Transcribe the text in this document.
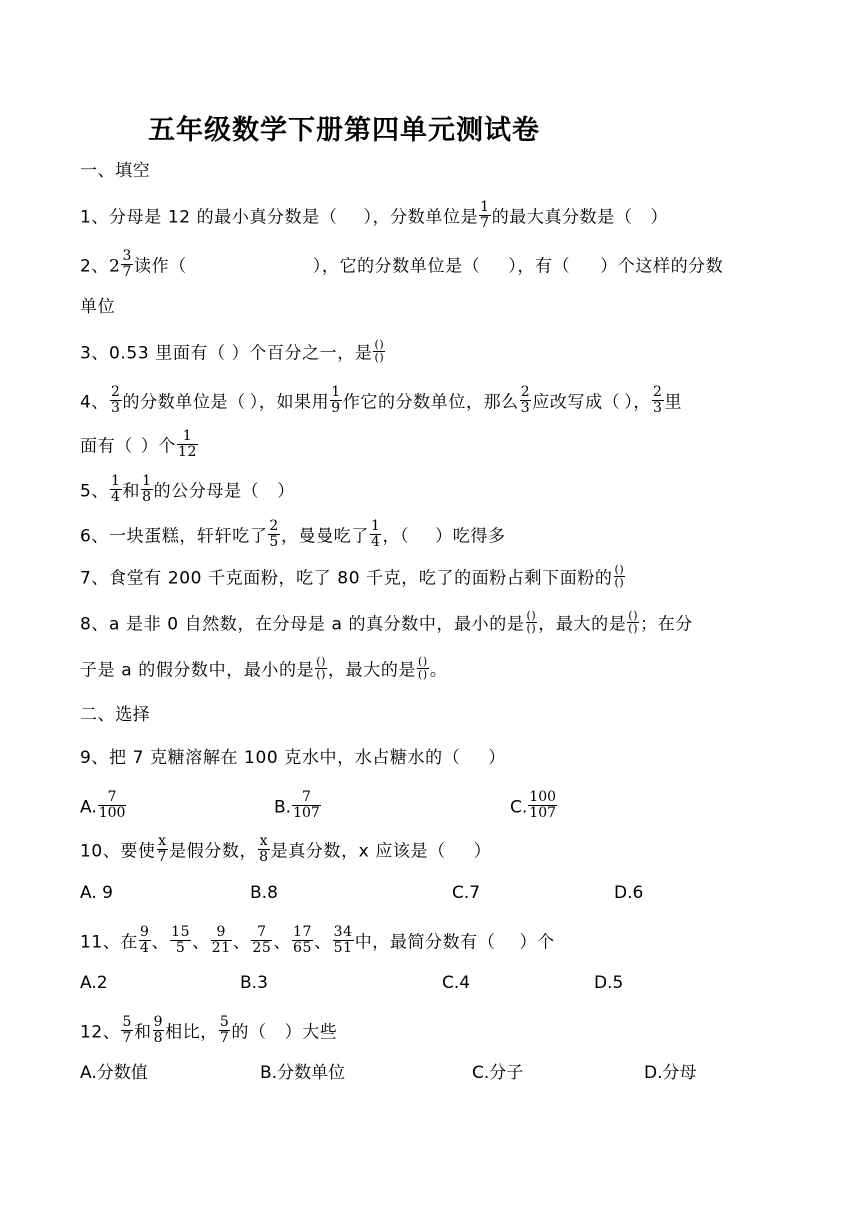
五年级数学下册第四单元测试卷
一、填空
1、分母是 12 的最小真分数是（ ），分数单位是 $\frac{1}{7}$ 的最大真分数是（ ）
2、$2 \frac{3}{7}$ 读作（	），它的分数单位是（ ），有（ ）个这样的分数
单位
3、0.53 里面有（ ）个百分之一，是 $\frac{()}{()}$
4、 $\frac{2}{3}$ 的分数单位是（ ），如果用 $\frac{1}{9}$ 作它的分数单位，那么 $\frac{2}{3}$ 应改写成（ ）， $\frac{2}{3}$ 里
面有（ ）个 $\frac{1}{12}$
5、 $\frac{1}{4}$ 和 $\frac{1}{8}$ 的公分母是（ ）
6、一块蛋糕，轩轩吃了 $\frac{2}{5}$ ，曼曼吃了 $\frac{1}{4}$ ，（ ）吃得多
7、食堂有 200 千克面粉，吃了 80 千克，吃了的面粉占剩下面粉的 $\frac{()}{()}$
8、a 是非 0 自然数，在分母是 a 的真分数中，最小的是 $\frac{()}{()}$ ，最大的是 $\frac{()}{()}$ ；在分
子是 a 的假分数中，最小的是 $\frac{()}{()}$ ，最大的是 $\frac{()}{()}$ 。
二、选择
9、把 7 克糖溶解在 100 克水中，水占糖水的（ ）
A. $\frac{7}{100}$	B. $\frac{7}{107}$	C. $\frac{100}{107}$
10、要使 $\frac{x}{7}$ 是假分数， $\frac{x}{8}$ 是真分数，x 应该是（ ）
A. 9	B.8	C.7	D.6
11、在 $\frac{9}{4}$ 、 $\frac{15}{5}$ 、 $\frac{9}{21}$ 、 $\frac{7}{25}$ 、 $\frac{17}{65}$ 、 $\frac{34}{51}$ 中，最简分数有（ ）个
A.2	B.3	C.4	D.5
12、 $\frac{5}{7}$ 和 $\frac{9}{8}$ 相比， $\frac{5}{7}$ 的（ ）大些
A.分数值	B.分数单位	C.分子	D.分母
